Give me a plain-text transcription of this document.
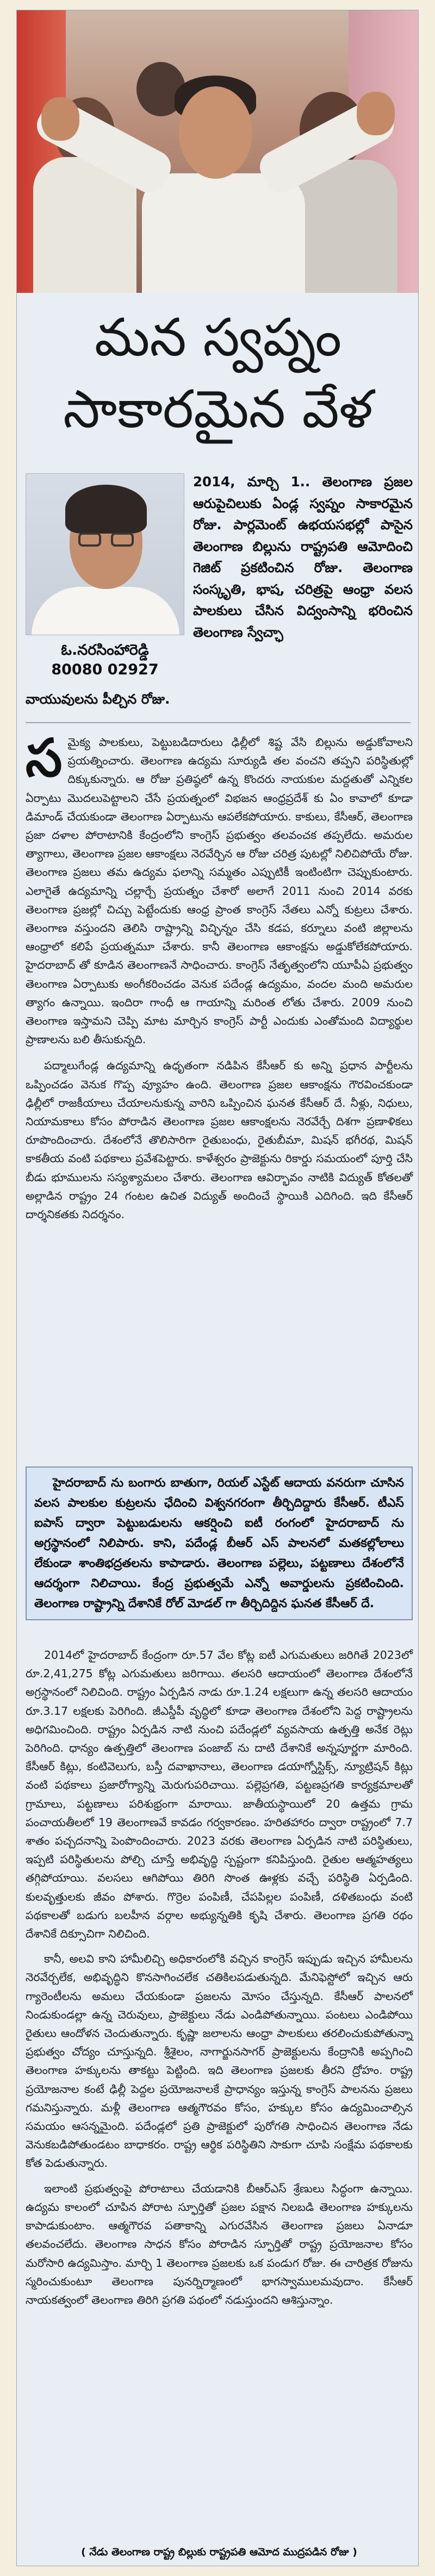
మన స్వప్నం
సాకారమైన వేళ
ఓ.నరసింహారెడ్డి
80080 02927
2014, మార్చి 1.. తెలంగాణ ప్రజల ఆరుపైచిలుకు ఏండ్ల స్వప్నం సాకారమైన రోజు. పార్లమెంట్ ఉభయసభల్లో పాసైన తెలంగాణ బిల్లును రాష్ట్రపతి ఆమోదించి గెజిట్ ప్రకటించిన రోజు. తెలంగాణ సంస్కృతి, భాష, చరిత్రపై ఆంధ్రా వలస పాలకులు చేసిన విద్వంసాన్ని భరించిన తెలంగాణ స్వేచ్ఛా
వాయువులను పీల్చిన రోజు.

సమైక్య పాలకులు, పెట్టుబడిదారులు ఢిల్లీలో శిష్ట వేసి బిల్లును అడ్డుకోవాలని ప్రయత్నించారు. తెలంగాణ ఉద్యమ సూర్యుడి తల వంచని తప్పని పరిస్థితుల్లో దిక్కుకున్నారు. ఆ రోజు ప్రతిష్ఠలో ఉన్న కొందరు నాయకుల మద్దతుతో ఎన్నికల ఏర్పాటు మొదలుపెట్టాలని చేసే ప్రయత్నంలో విభజన ఆంధ్రప్రదేశ్ కు ఏం కావాలో కూడా డిమాండ్ చేయకుండా తెలంగాణ ఏర్పాటును ఆపలేకపోయారు. కాకులు, కేసీఆర్, తెలంగాణ ప్రజా దళాల పోరాటానికి కేంద్రంలోని కాంగ్రెస్ ప్రభుత్వం తలవంచక తప్పలేదు. అమరుల త్యాగాలు, తెలంగాణ ప్రజల ఆకాంక్షలు నెరవేర్చిన ఆ రోజు చరిత్ర పుటల్లో నిలిచిపోయే రోజు. తెలంగాణ ప్రజలు తమ ఉద్యమ ఫలాన్ని సమ్మతం ఎప్పుటికీ ఇంటింటిగా చెప్పుకుంటారు. ఎలాగైతే ఉద్యమాన్ని చల్లార్చే ప్రయత్నం చేశారో అలాగే 2011 నుంచి 2014 వరకు తెలంగాణ ప్రజల్లో చిచ్చు పెట్టేందుకు ఆంధ్ర ప్రాంత కాంగ్రెస్ నేతలు ఎన్నో కుట్రలు చేశారు. తెలంగాణ వస్తుందని తెలిసి రాష్ట్రాన్ని విచ్ఛిన్నం చేసి కడప, కర్నూలు వంటి జిల్లాలను ఆంధ్రాలో కలిపే ప్రయత్నమూ చేశారు. కానీ తెలంగాణ ఆకాంక్షను అడ్డుకోలేకపోయారు. హైదరాబాద్ తో కూడిన తెలంగాణనే సాధించారు. కాంగ్రెస్ నేతృత్వంలోని యూపీఏ ప్రభుత్వం తెలంగాణ ఏర్పాటుకు అంగీకరించడం వెనుక పదేండ్ల ఉద్యమం, వందల మంది అమరుల త్యాగం ఉన్నాయి. ఇందిరా గాంధీ ఆ గాయాన్ని మరింత లోతు చేశారు. 2009 నుంచి తెలంగాణ ఇస్తామని చెప్పి మాట మార్చిన కాంగ్రెస్ పార్టీ ఎందుకు ఎంతోమంది విద్యార్థుల ప్రాణాలను బలి తీసుకున్నది.

పద్మాలుగేండ్ల ఉద్యమాన్ని ఉధృతంగా నడిపిన కేసీఆర్ కు అన్ని ప్రధాన పార్టీలను ఒప్పించడం వెనుక గొప్ప వ్యూహం ఉంది. తెలంగాణ ప్రజల ఆకాంక్షను గౌరవించకుండా ఢిల్లీలో రాజకీయాలు చేయాలనుకున్న వారిని ఒప్పించిన ఘనత కేసీఆర్ దే. నీళ్లు, నిధులు, నియామకాలు కోసం పోరాడిన తెలంగాణ ప్రజల ఆకాంక్షలను నెరవేర్చే దిశగా ప్రణాళికలు రూపొందించారు. దేశంలోనే తొలిసారిగా రైతుబంధు, రైతుబీమా, మిషన్ భగీరథ, మిషన్ కాకతీయ వంటి పథకాలు ప్రవేశపెట్టారు. కాళేశ్వరం ప్రాజెక్టును రికార్డు సమయంలో పూర్తి చేసి బీడు భూములను సస్యశ్యామలం చేశారు. తెలంగాణ ఆవిర్భావం నాటికి విద్యుత్ కోతలతో అల్లాడిన రాష్ట్రం 24 గంటల ఉచిత విద్యుత్ అందించే స్థాయికి ఎదిగింది. ఇది కేసీఆర్ దార్శనికతకు నిదర్శనం.

హైదరాబాద్ ను బంగారు బాతుగా, రియల్ ఎస్టేట్ ఆదాయ వనరుగా చూసిన వలస పాలకుల కుట్రలను ఛేదించి విశ్వనగరంగా తీర్చిదిద్దారు కేసీఆర్. టీఎస్ ఐపాస్ ద్వారా పెట్టుబడులను ఆకర్షించి ఐటీ రంగంలో హైదరాబాద్ ను అగ్రస్థానంలో నిలిపారు. కాని, పదేండ్ల బీఆర్ ఎస్ పాలనలో మతకల్లోలాలు లేకుండా శాంతిభద్రతలను కాపాడారు. తెలంగాణ పల్లెలు, పట్టణాలు దేశంలోనే ఆదర్శంగా నిలిచాయి. కేంద్ర ప్రభుత్వమే ఎన్నో అవార్డులను ప్రకటించింది. తెలంగాణ రాష్ట్రాన్ని దేశానికే రోల్ మోడల్ గా తీర్చిదిద్దిన ఘనత కేసీఆర్ దే.

2014లో హైదరాబాద్ కేంద్రంగా రూ.57 వేల కోట్ల ఐటీ ఎగుమతులు జరిగితే 2023లో రూ.2,41,275 కోట్ల ఎగుమతులు జరిగాయి. తలసరి ఆదాయంలో తెలంగాణ దేశంలోనే అగ్రస్థానంలో నిలిచింది. రాష్ట్రం ఏర్పడిన నాడు రూ.1.24 లక్షలుగా ఉన్న తలసరి ఆదాయం రూ.3.17 లక్షలకు పెరిగింది. జీఎస్డీపీ వృద్ధిలో కూడా తెలంగాణ దేశంలోని పెద్ద రాష్ట్రాలను అధిగమించింది. రాష్ట్రం ఏర్పడిన నాటి నుంచి పదేండ్లలో వ్యవసాయ ఉత్పత్తి అనేక రెట్లు పెరిగింది. ధాన్యం ఉత్పత్తిలో తెలంగాణ పంజాబ్ ను దాటి దేశానికే అన్నపూర్ణగా మారింది. కేసీఆర్ కిట్లు, కంటివెలుగు, బస్తీ దవాఖానాలు, తెలంగాణ డయాగ్నోస్టిక్స్, న్యూట్రిషన్ కిట్లు వంటి పథకాలు ప్రజారోగ్యాన్ని మెరుగుపరిచాయి. పల్లెప్రగతి, పట్టణప్రగతి కార్యక్రమాలతో గ్రామాలు, పట్టణాలు పరిశుభ్రంగా మారాయి. జాతీయస్థాయిలో 20 ఉత్తమ గ్రామ పంచాయతీలలో 19 తెలంగాణవే కావడం గర్వకారణం. హరితహారం ద్వారా రాష్ట్రంలో 7.7 శాతం పచ్చదనాన్ని పెంపొందించారు. 2023 వరకు తెలంగాణ ఏర్పడిన నాటి పరిస్థితులు, ఇప్పటి పరిస్థితులను పోల్చి చూస్తే అభివృద్ధి స్పష్టంగా కనిపిస్తుంది. రైతుల ఆత్మహత్యలు తగ్గిపోయాయి. వలసలు ఆగిపోయి తిరిగి సొంత ఊళ్లకు వచ్చే పరిస్థితి ఏర్పడింది. కులవృత్తులకు జీవం పోశారు. గొర్రెల పంపిణీ, చేపపిల్లల పంపిణీ, దళితబంధు వంటి పథకాలతో బడుగు బలహీన వర్గాల అభ్యున్నతికి కృషి చేశారు. తెలంగాణ ప్రగతి రథం దేశానికే దిక్సూచిగా నిలిచింది.

కానీ, అలవి కాని హామీలిచ్చి అధికారంలోకి వచ్చిన కాంగ్రెస్ ఇప్పుడు ఇచ్చిన హామీలను నెరవేర్చలేక, అభివృద్ధిని కొనసాగించలేక చతికిలపడుతున్నది. మేనిఫెస్టోలో ఇచ్చిన ఆరు గ్యారెంటీలను అమలు చేయకుండా ప్రజలను మోసం చేస్తున్నది. కేసీఆర్ పాలనలో నిండుకుండల్లా ఉన్న చెరువులు, ప్రాజెక్టులు నేడు ఎండిపోతున్నాయి. పంటలు ఎండిపోయి రైతులు ఆందోళన చెందుతున్నారు. కృష్ణా జలాలను ఆంధ్రా పాలకులు తరలించుకుపోతున్నా ప్రభుత్వం చోద్యం చూస్తున్నది. శ్రీశైలం, నాగార్జునసాగర్ ప్రాజెక్టులను కేంద్రానికి అప్పగించి తెలంగాణ హక్కులను తాకట్టు పెట్టింది. ఇది తెలంగాణ ప్రజలకు తీరని ద్రోహం. రాష్ట్ర ప్రయోజనాల కంటే ఢిల్లీ పెద్దల ప్రయోజనాలకే ప్రాధాన్యం ఇస్తున్న కాంగ్రెస్ పాలనను ప్రజలు గమనిస్తున్నారు. మళ్లీ తెలంగాణ ఆత్మగౌరవం కోసం, హక్కుల కోసం ఉద్యమించాల్సిన సమయం ఆసన్నమైంది. పదేండ్లలో ప్రతి ప్రాజెక్టులో పురోగతి సాధించిన తెలంగాణ నేడు వెనుకబడిపోతుండటం బాధాకరం. రాష్ట్ర ఆర్థిక పరిస్థితిని సాకుగా చూపి సంక్షేమ పథకాలకు కోత పెడుతున్నారు.

ఇలాంటి ప్రభుత్వంపై పోరాటాలు చేయడానికి బీఆర్ఎస్ శ్రేణులు సిద్ధంగా ఉన్నాయి. ఉద్యమ కాలంలో చూపిన పోరాట స్ఫూర్తితో ప్రజల పక్షాన నిలబడి తెలంగాణ హక్కులను కాపాడుకుంటాం. ఆత్మగౌరవ పతాకాన్ని ఎగురవేసిన తెలంగాణ ప్రజలు ఏనాడూ తలవంచలేదు. తెలంగాణ సాధన కోసం పోరాడిన స్ఫూర్తితో రాష్ట్ర ప్రయోజనాల కోసం మరోసారి ఉద్యమిస్తాం. మార్చి 1 తెలంగాణ ప్రజలకు ఒక పండుగ రోజు. ఈ చారిత్రక రోజును స్మరించుకుంటూ తెలంగాణ పునర్నిర్మాణంలో భాగస్వాములమవుదాం. కేసీఆర్ నాయకత్వంలో తెలంగాణ తిరిగి ప్రగతి పథంలో నడుస్తుందని ఆశిస్తున్నాం.

( నేడు తెలంగాణ రాష్ట్ర బిల్లుకు రాష్ట్రపతి ఆమోద ముద్రపడిన రోజు )
